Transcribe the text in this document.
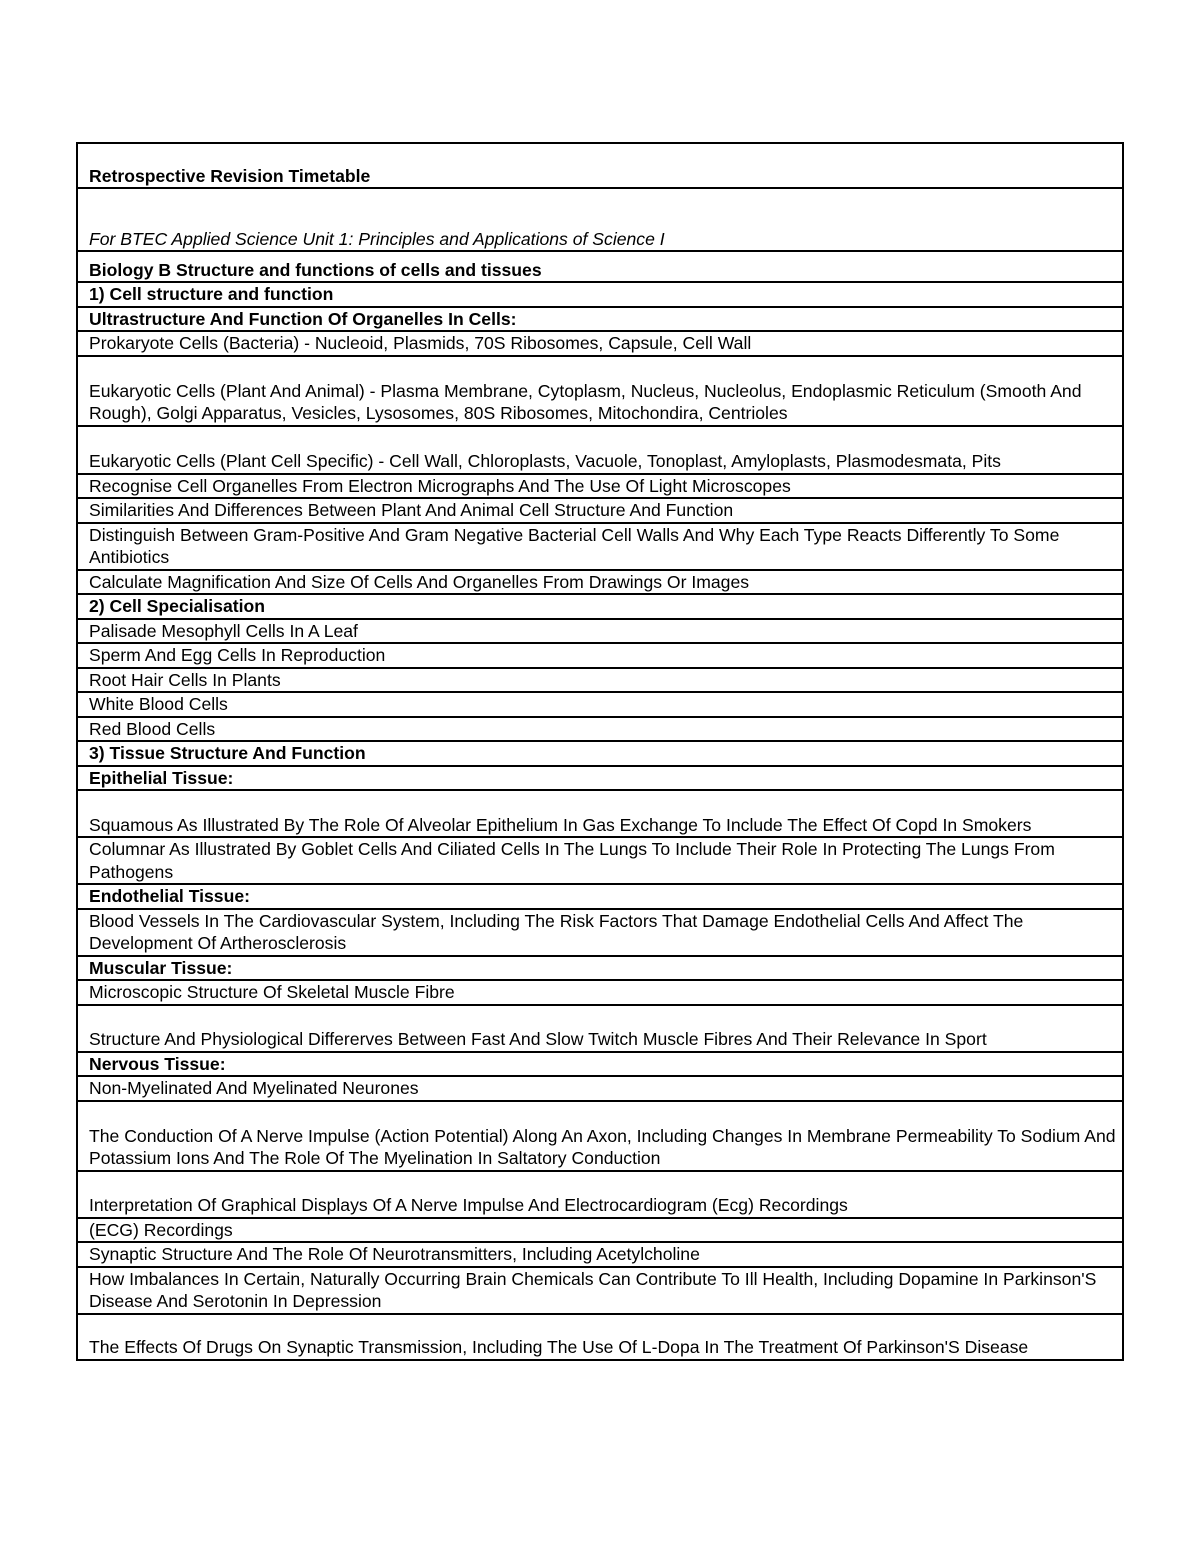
Retrospective Revision Timetable
For BTEC Applied Science Unit 1: Principles and Applications of Science I
Biology B Structure and functions of cells and tissues
1) Cell structure and function
Ultrastructure And Function Of Organelles In Cells:
Prokaryote Cells (Bacteria) - Nucleoid, Plasmids, 70S Ribosomes, Capsule, Cell Wall
Eukaryotic Cells (Plant And Animal) - Plasma Membrane, Cytoplasm, Nucleus, Nucleolus, Endoplasmic Reticulum (Smooth And Rough), Golgi Apparatus, Vesicles, Lysosomes, 80S Ribosomes, Mitochondira, Centrioles
Eukaryotic Cells (Plant Cell Specific) - Cell Wall, Chloroplasts, Vacuole, Tonoplast, Amyloplasts, Plasmodesmata, Pits
Recognise Cell Organelles From Electron Micrographs And The Use Of Light Microscopes
Similarities And Differences Between Plant And Animal Cell Structure And Function
Distinguish Between Gram-Positive And Gram Negative Bacterial Cell Walls And Why Each Type Reacts Differently To Some Antibiotics
Calculate Magnification And Size Of Cells And Organelles From Drawings Or Images
2) Cell Specialisation
Palisade Mesophyll Cells In A Leaf
Sperm And Egg Cells In Reproduction
Root Hair Cells In Plants
White Blood Cells
Red Blood Cells
3) Tissue Structure And Function
Epithelial Tissue:
Squamous As Illustrated By The Role Of Alveolar Epithelium In Gas Exchange To Include The Effect Of Copd In Smokers
Columnar As Illustrated By Goblet Cells And Ciliated Cells In The Lungs To Include Their Role In Protecting The Lungs From Pathogens
Endothelial Tissue:
Blood Vessels In The Cardiovascular System, Including The Risk Factors That Damage Endothelial Cells And Affect The Development Of Artherosclerosis
Muscular Tissue:
Microscopic Structure Of Skeletal Muscle Fibre
Structure And Physiological Differerves Between Fast And Slow Twitch Muscle Fibres And Their Relevance In Sport
Nervous Tissue:
Non-Myelinated And Myelinated Neurones
The Conduction Of A Nerve Impulse (Action Potential) Along An Axon, Including Changes In Membrane Permeability To Sodium And Potassium Ions And The Role Of The Myelination In Saltatory Conduction
Interpretation Of Graphical Displays Of A Nerve Impulse And Electrocardiogram (Ecg) Recordings
(ECG) Recordings
Synaptic Structure And The Role Of Neurotransmitters, Including Acetylcholine
How Imbalances In Certain, Naturally Occurring Brain Chemicals Can Contribute To Ill Health, Including Dopamine In Parkinson'S Disease And Serotonin In Depression
The Effects Of Drugs On Synaptic Transmission, Including The Use Of L-Dopa In The Treatment Of Parkinson'S Disease
